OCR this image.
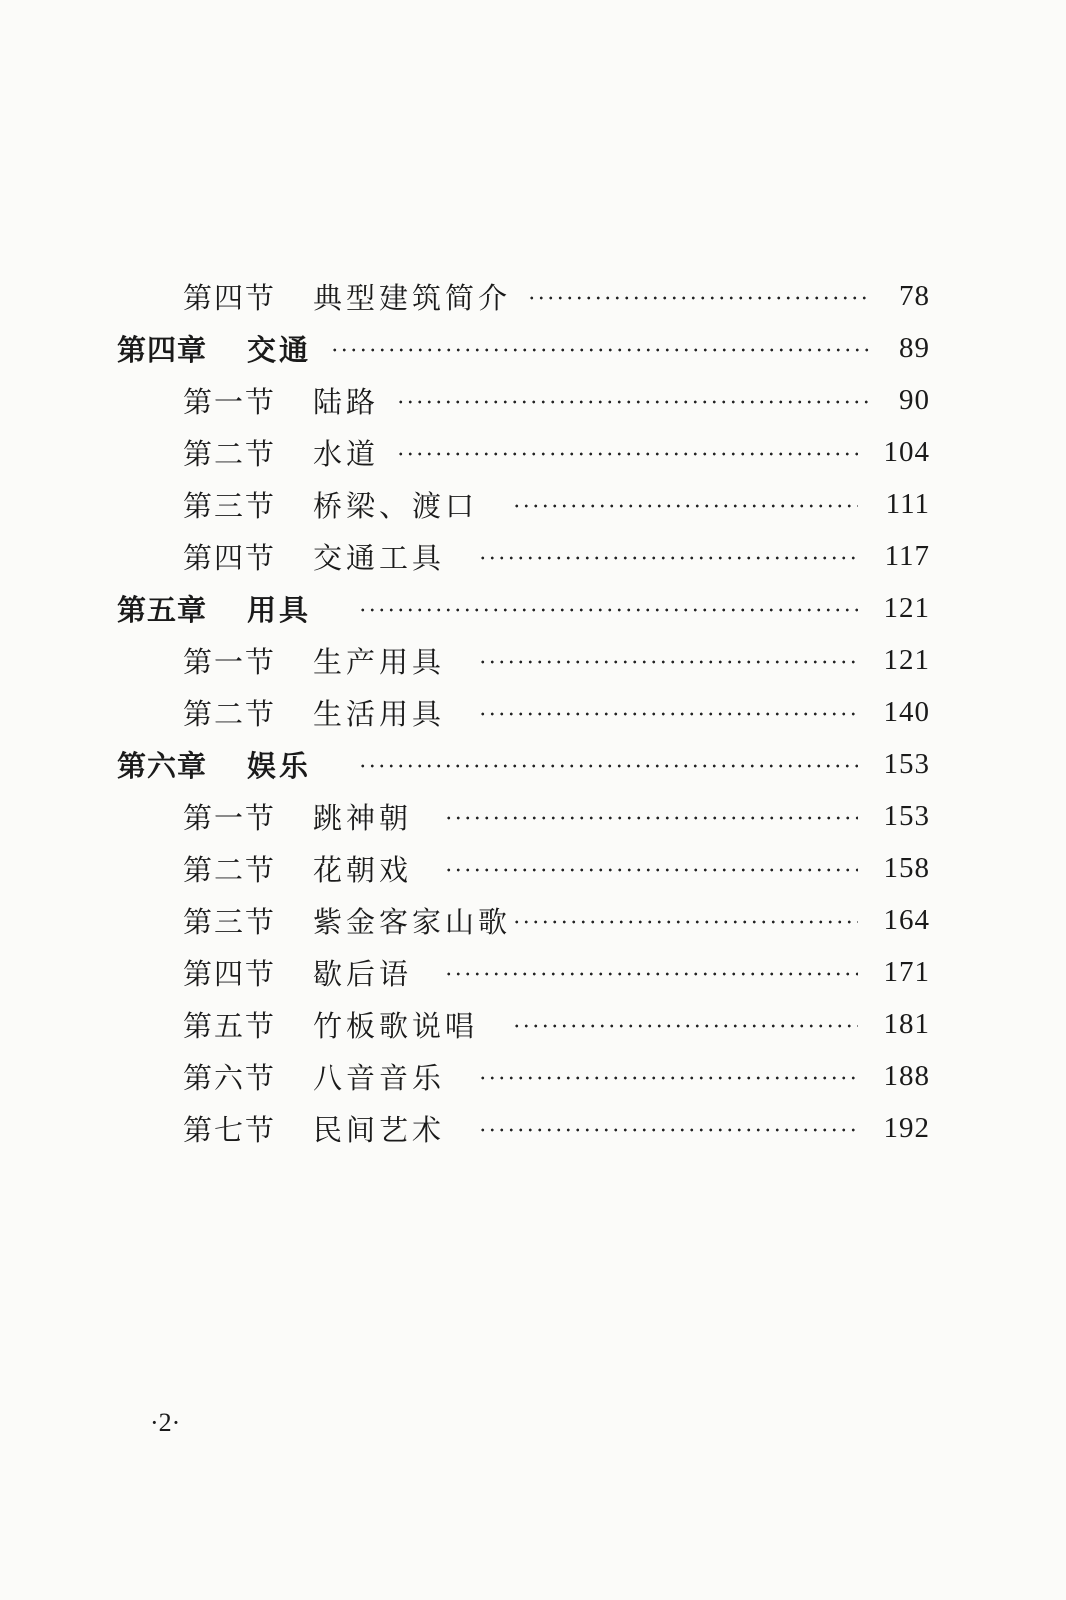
第四节 典型建筑简介	78
第四章 交通	89
第一节 陆路	90
第二节 水道	104
第三节 桥梁、渡口	111
第四节 交通工具	117
第五章 用具	121
第一节 生产用具	121
第二节 生活用具	140
第六章 娱乐	153
第一节 跳神朝	153
第二节 花朝戏	158
第三节 紫金客家山歌	164
第四节 歇后语	171
第五节 竹板歌说唱	181
第六节 八音音乐	188
第七节 民间艺术	192
·2·
